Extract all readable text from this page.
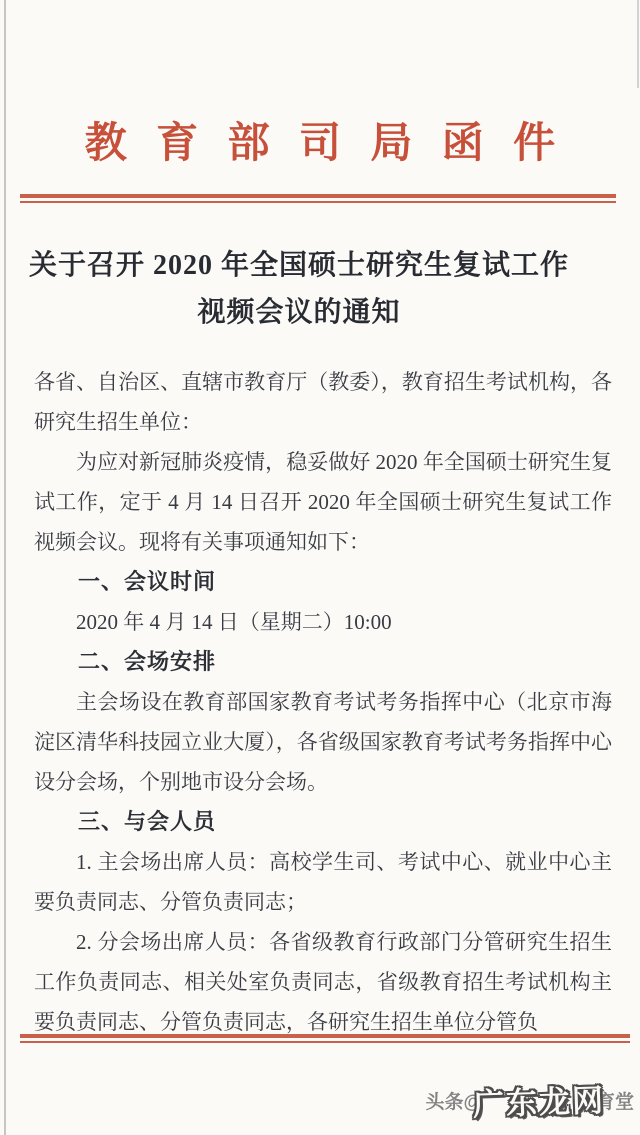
教育部司局函件
关于召开 2020 年全国硕士研究生复试工作
视频会议的通知

各省、自治区、直辖市教育厅（教委），教育招生考试机构，各研究生招生单位：

为应对新冠肺炎疫情，稳妥做好 2020 年全国硕士研究生复试工作，定于 4 月 14 日召开 2020 年全国硕士研究生复试工作视频会议。现将有关事项通知如下：

一、会议时间

2020 年 4 月 14 日（星期二）10:00

二、会场安排

主会场设在教育部国家教育考试考务指挥中心（北京市海淀区清华科技园立业大厦），各省级国家教育考试考务指挥中心设分会场，个别地市设分会场。

三、与会人员

1. 主会场出席人员：高校学生司、考试中心、就业中心主要负责同志、分管负责同志；

2. 分会场出席人员：各省级教育行政部门分管研究生招生工作负责同志、相关处室负责同志，省级教育招生考试机构主要负责同志、分管负责同志，各研究生招生单位分管负

头条@
广东龙网
育堂
